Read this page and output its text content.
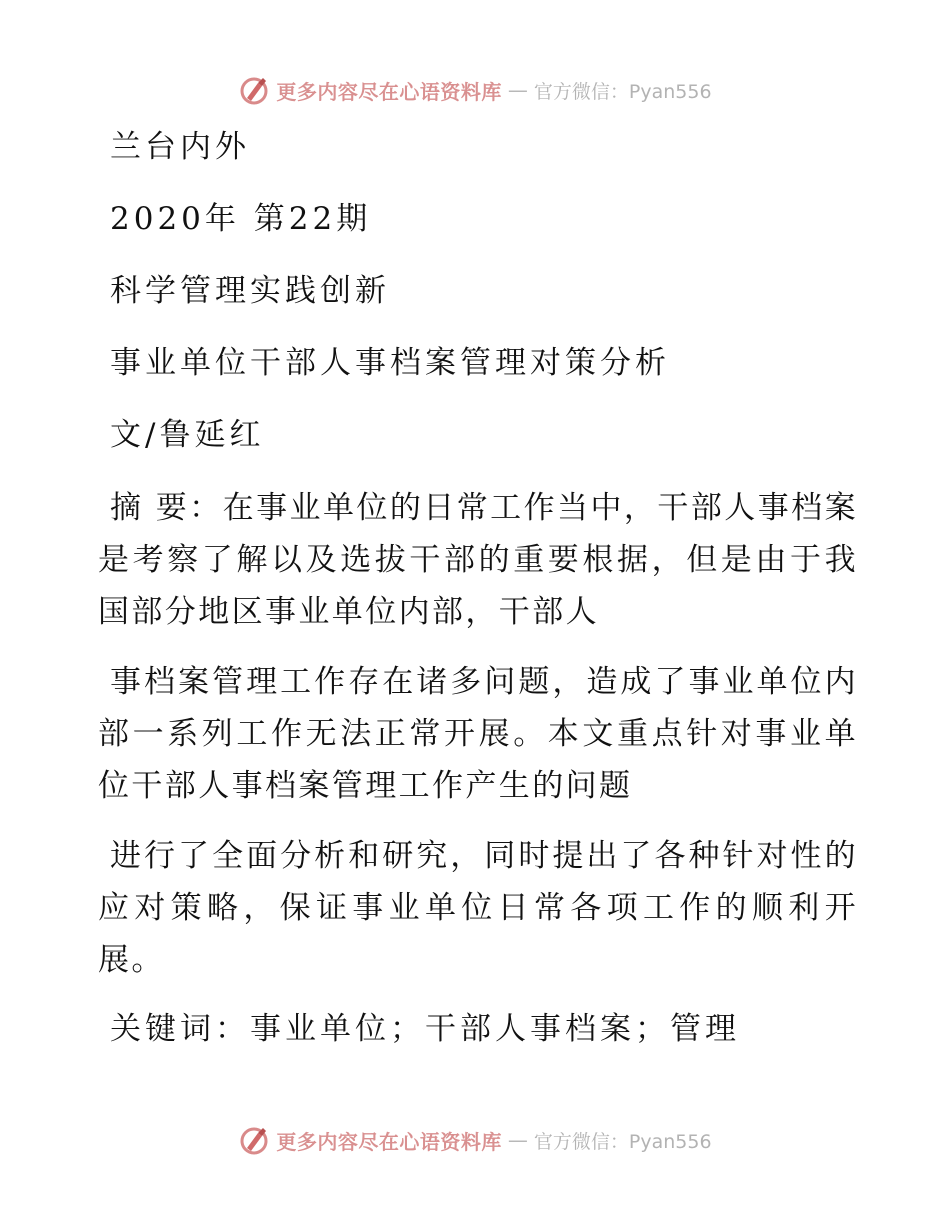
更多内容尽在心语资料库 — 官方微信：Pyan556
兰台内外
2020年 第22期
科学管理实践创新
事业单位干部人事档案管理对策分析
文/鲁延红
摘 要：在事业单位的日常工作当中，干部人事档案是考察了解以及选拔干部的重要根据，但是由于我国部分地区事业单位内部，干部人
事档案管理工作存在诸多问题，造成了事业单位内部一系列工作无法正常开展。本文重点针对事业单位干部人事档案管理工作产生的问题
进行了全面分析和研究，同时提出了各种针对性的应对策略，保证事业单位日常各项工作的顺利开展。
关键词：事业单位；干部人事档案；管理
更多内容尽在心语资料库 — 官方微信：Pyan556
